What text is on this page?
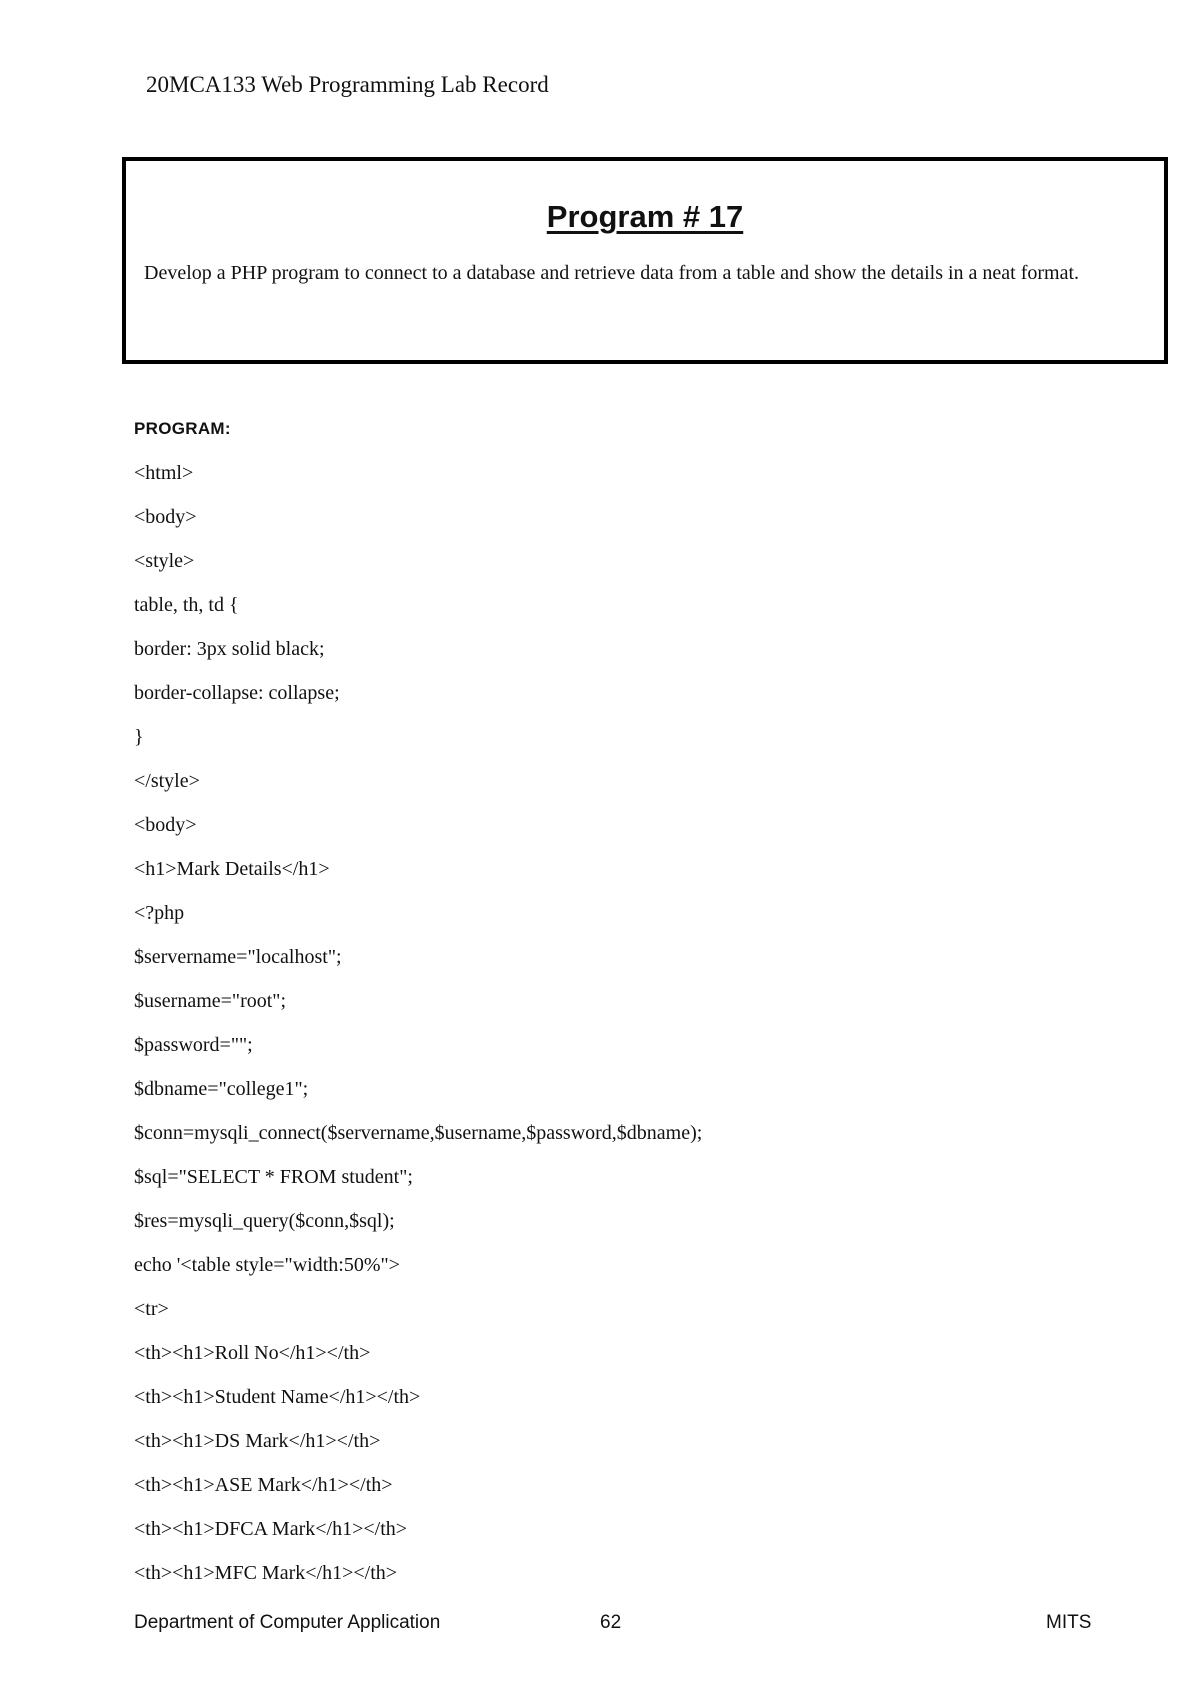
20MCA133 Web Programming Lab Record
Program # 17
Develop a PHP program to connect to a database and retrieve data from a table and show the details in a neat format.
PROGRAM:
<html>
<body>
<style>
table, th, td {
border: 3px solid black;
border-collapse: collapse;
}
</style>
<body>
<h1>Mark Details</h1>
<?php
$servername="localhost";
$username="root";
$password="";
$dbname="college1";
$conn=mysqli_connect($servername,$username,$password,$dbname);
$sql="SELECT * FROM student";
$res=mysqli_query($conn,$sql);
echo '<table style="width:50%">
<tr>
<th><h1>Roll No</h1></th>
<th><h1>Student Name</h1></th>
<th><h1>DS Mark</h1></th>
<th><h1>ASE Mark</h1></th>
<th><h1>DFCA Mark</h1></th>
<th><h1>MFC Mark</h1></th>
Department of Computer Application	62	MITS
